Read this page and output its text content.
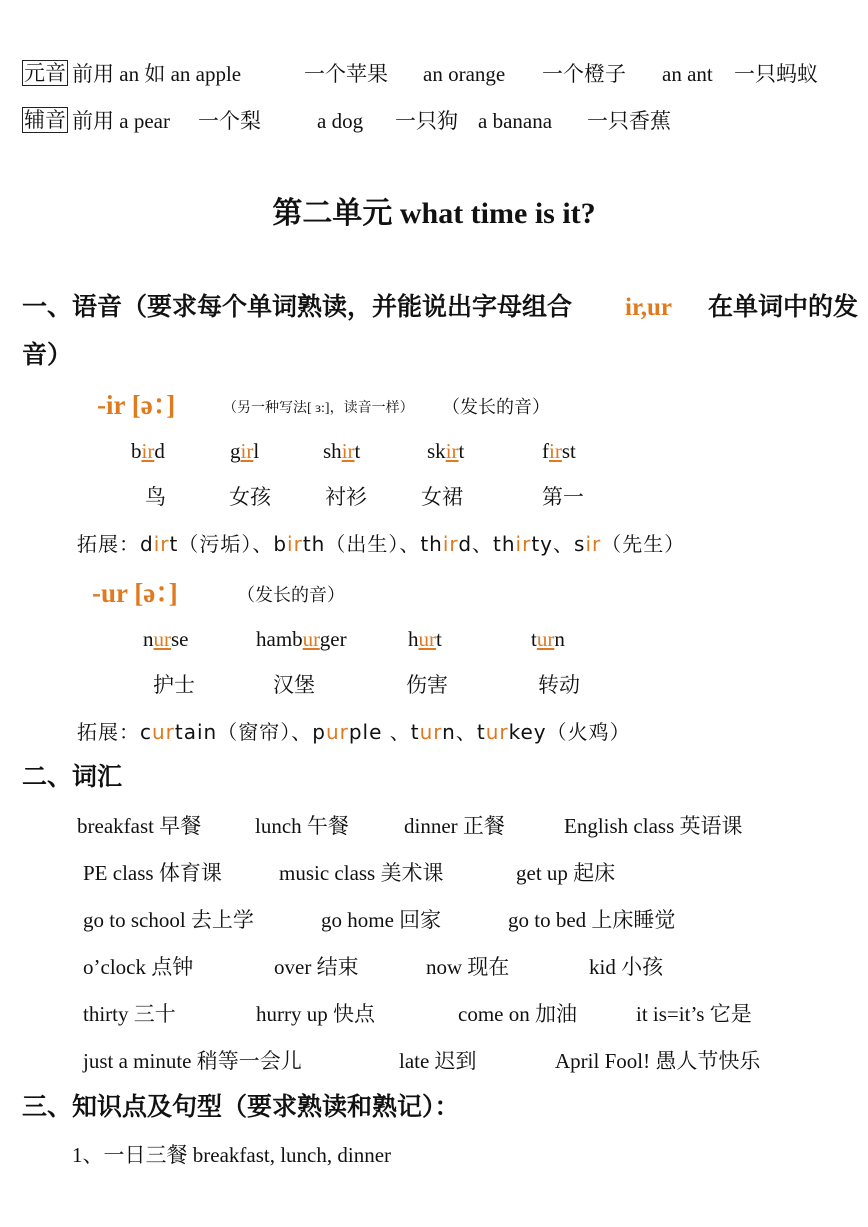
元音 前用 an 如 an apple	一个苹果 an orange 一个橙子 an ant 一只蚂蚁
辅音 前用 a pear 一个梨	a dog 一只狗 a banana 一只香蕉
第二单元 what time is it?
一、语音（要求每个单词熟读，并能说出字母组合 ir,ur 在单词中的发
音）
-ir [ə：]	（另一种写法[ ɜ:]，读音一样） （发长的音）
bird	girl	shirt	skirt	first
鸟	女孩	衬衫	女裙	第一
拓展：dirt（污垢）、birth（出生）、third、thirty、sir（先生）
-ur [ə：]	（发长的音）
nurse	hamburger	hurt	turn
护士	汉堡	伤害	转动
拓展：curtain（窗帘）、purple 、turn、turkey（火鸡）
二、词汇
breakfast 早餐	lunch 午餐	dinner 正餐	English class 英语课
PE class 体育课	music class 美术课	get up 起床
go to school 去上学	go home 回家	go to bed 上床睡觉
o’clock 点钟	over 结束	now 现在	kid 小孩
thirty 三十	hurry up 快点	come on 加油	it is=it’s 它是
just a minute 稍等一会儿	late 迟到	April Fool! 愚人节快乐
三、知识点及句型（要求熟读和熟记）：
1、一日三餐 breakfast, lunch, dinner
